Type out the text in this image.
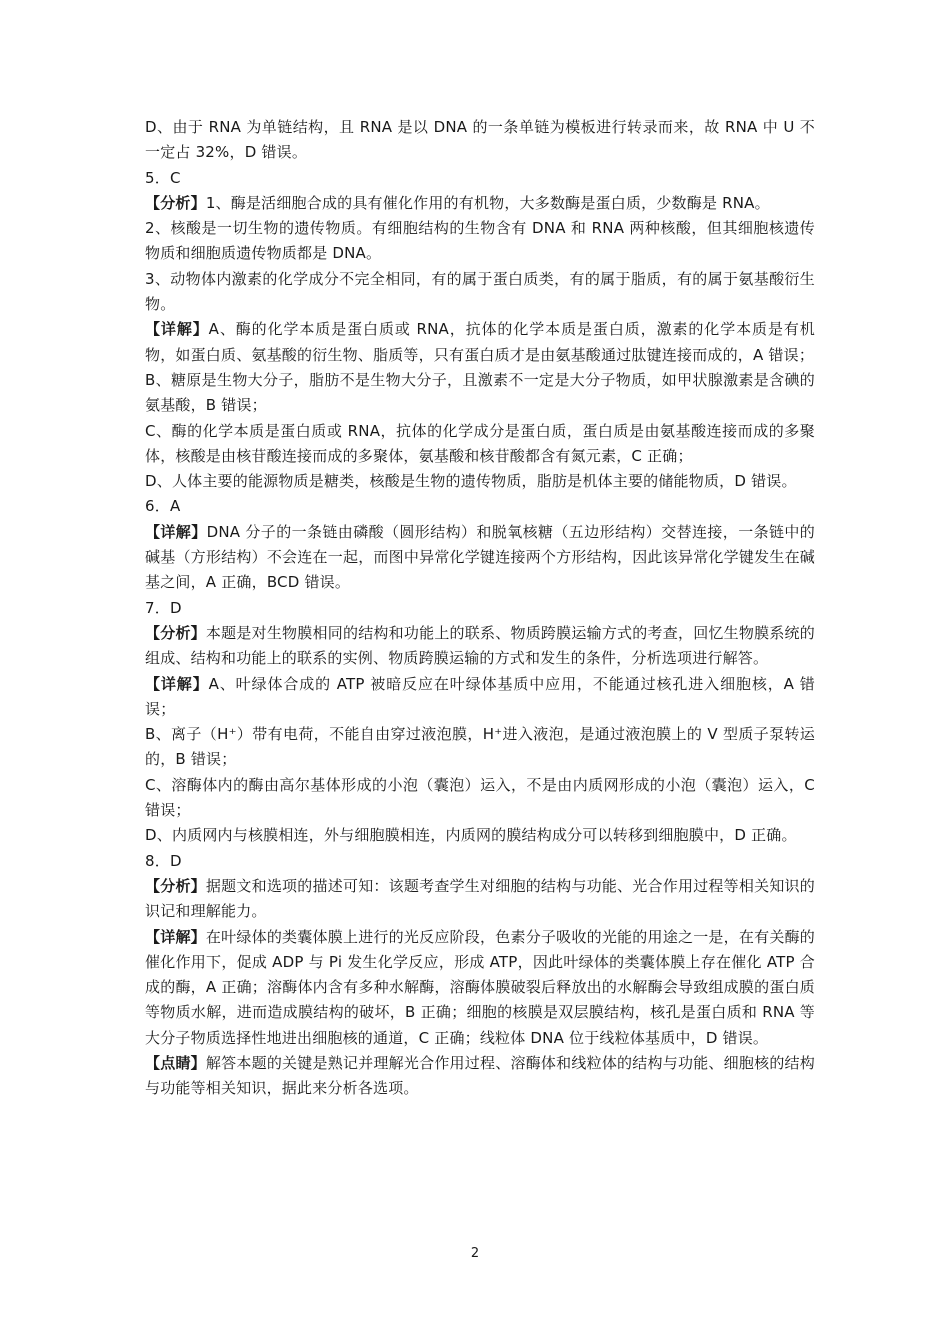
D、由于 RNA 为单链结构，且 RNA 是以 DNA 的一条单链为模板进行转录而来，故 RNA 中 U 不一定占 32%，D 错误。

5．C

【分析】1、酶是活细胞合成的具有催化作用的有机物，大多数酶是蛋白质，少数酶是 RNA。

2、核酸是一切生物的遗传物质。有细胞结构的生物含有 DNA 和 RNA 两种核酸，但其细胞核遗传物质和细胞质遗传物质都是 DNA。

3、动物体内激素的化学成分不完全相同，有的属于蛋白质类，有的属于脂质，有的属于氨基酸衍生物。

【详解】A、酶的化学本质是蛋白质或 RNA，抗体的化学本质是蛋白质，激素的化学本质是有机物，如蛋白质、氨基酸的衍生物、脂质等，只有蛋白质才是由氨基酸通过肽键连接而成的，A 错误；

B、糖原是生物大分子，脂肪不是生物大分子，且激素不一定是大分子物质，如甲状腺激素是含碘的氨基酸，B 错误；

C、酶的化学本质是蛋白质或 RNA，抗体的化学成分是蛋白质，蛋白质是由氨基酸连接而成的多聚体，核酸是由核苷酸连接而成的多聚体，氨基酸和核苷酸都含有氮元素，C 正确；

D、人体主要的能源物质是糖类，核酸是生物的遗传物质，脂肪是机体主要的储能物质，D 错误。

6．A

【详解】DNA 分子的一条链由磷酸（圆形结构）和脱氧核糖（五边形结构）交替连接，一条链中的碱基（方形结构）不会连在一起，而图中异常化学键连接两个方形结构，因此该异常化学键发生在碱基之间，A 正确，BCD 错误。

7．D

【分析】本题是对生物膜相同的结构和功能上的联系、物质跨膜运输方式的考查，回忆生物膜系统的组成、结构和功能上的联系的实例、物质跨膜运输的方式和发生的条件，分析选项进行解答。

【详解】A、叶绿体合成的 ATP 被暗反应在叶绿体基质中应用，不能通过核孔进入细胞核，A 错误；

B、离子（H⁺）带有电荷，不能自由穿过液泡膜，H⁺进入液泡，是通过液泡膜上的 V 型质子泵转运的，B 错误；

C、溶酶体内的酶由高尔基体形成的小泡（囊泡）运入，不是由内质网形成的小泡（囊泡）运入，C 错误；

D、内质网内与核膜相连，外与细胞膜相连，内质网的膜结构成分可以转移到细胞膜中，D 正确。

8．D

【分析】据题文和选项的描述可知：该题考查学生对细胞的结构与功能、光合作用过程等相关知识的识记和理解能力。

【详解】在叶绿体的类囊体膜上进行的光反应阶段，色素分子吸收的光能的用途之一是，在有关酶的催化作用下，促成 ADP 与 Pi 发生化学反应，形成 ATP，因此叶绿体的类囊体膜上存在催化 ATP 合成的酶，A 正确；溶酶体内含有多种水解酶，溶酶体膜破裂后释放出的水解酶会导致组成膜的蛋白质等物质水解，进而造成膜结构的破坏，B 正确；细胞的核膜是双层膜结构，核孔是蛋白质和 RNA 等大分子物质选择性地进出细胞核的通道，C 正确；线粒体 DNA 位于线粒体基质中，D 错误。

【点睛】解答本题的关键是熟记并理解光合作用过程、溶酶体和线粒体的结构与功能、细胞核的结构与功能等相关知识，据此来分析各选项。

2
